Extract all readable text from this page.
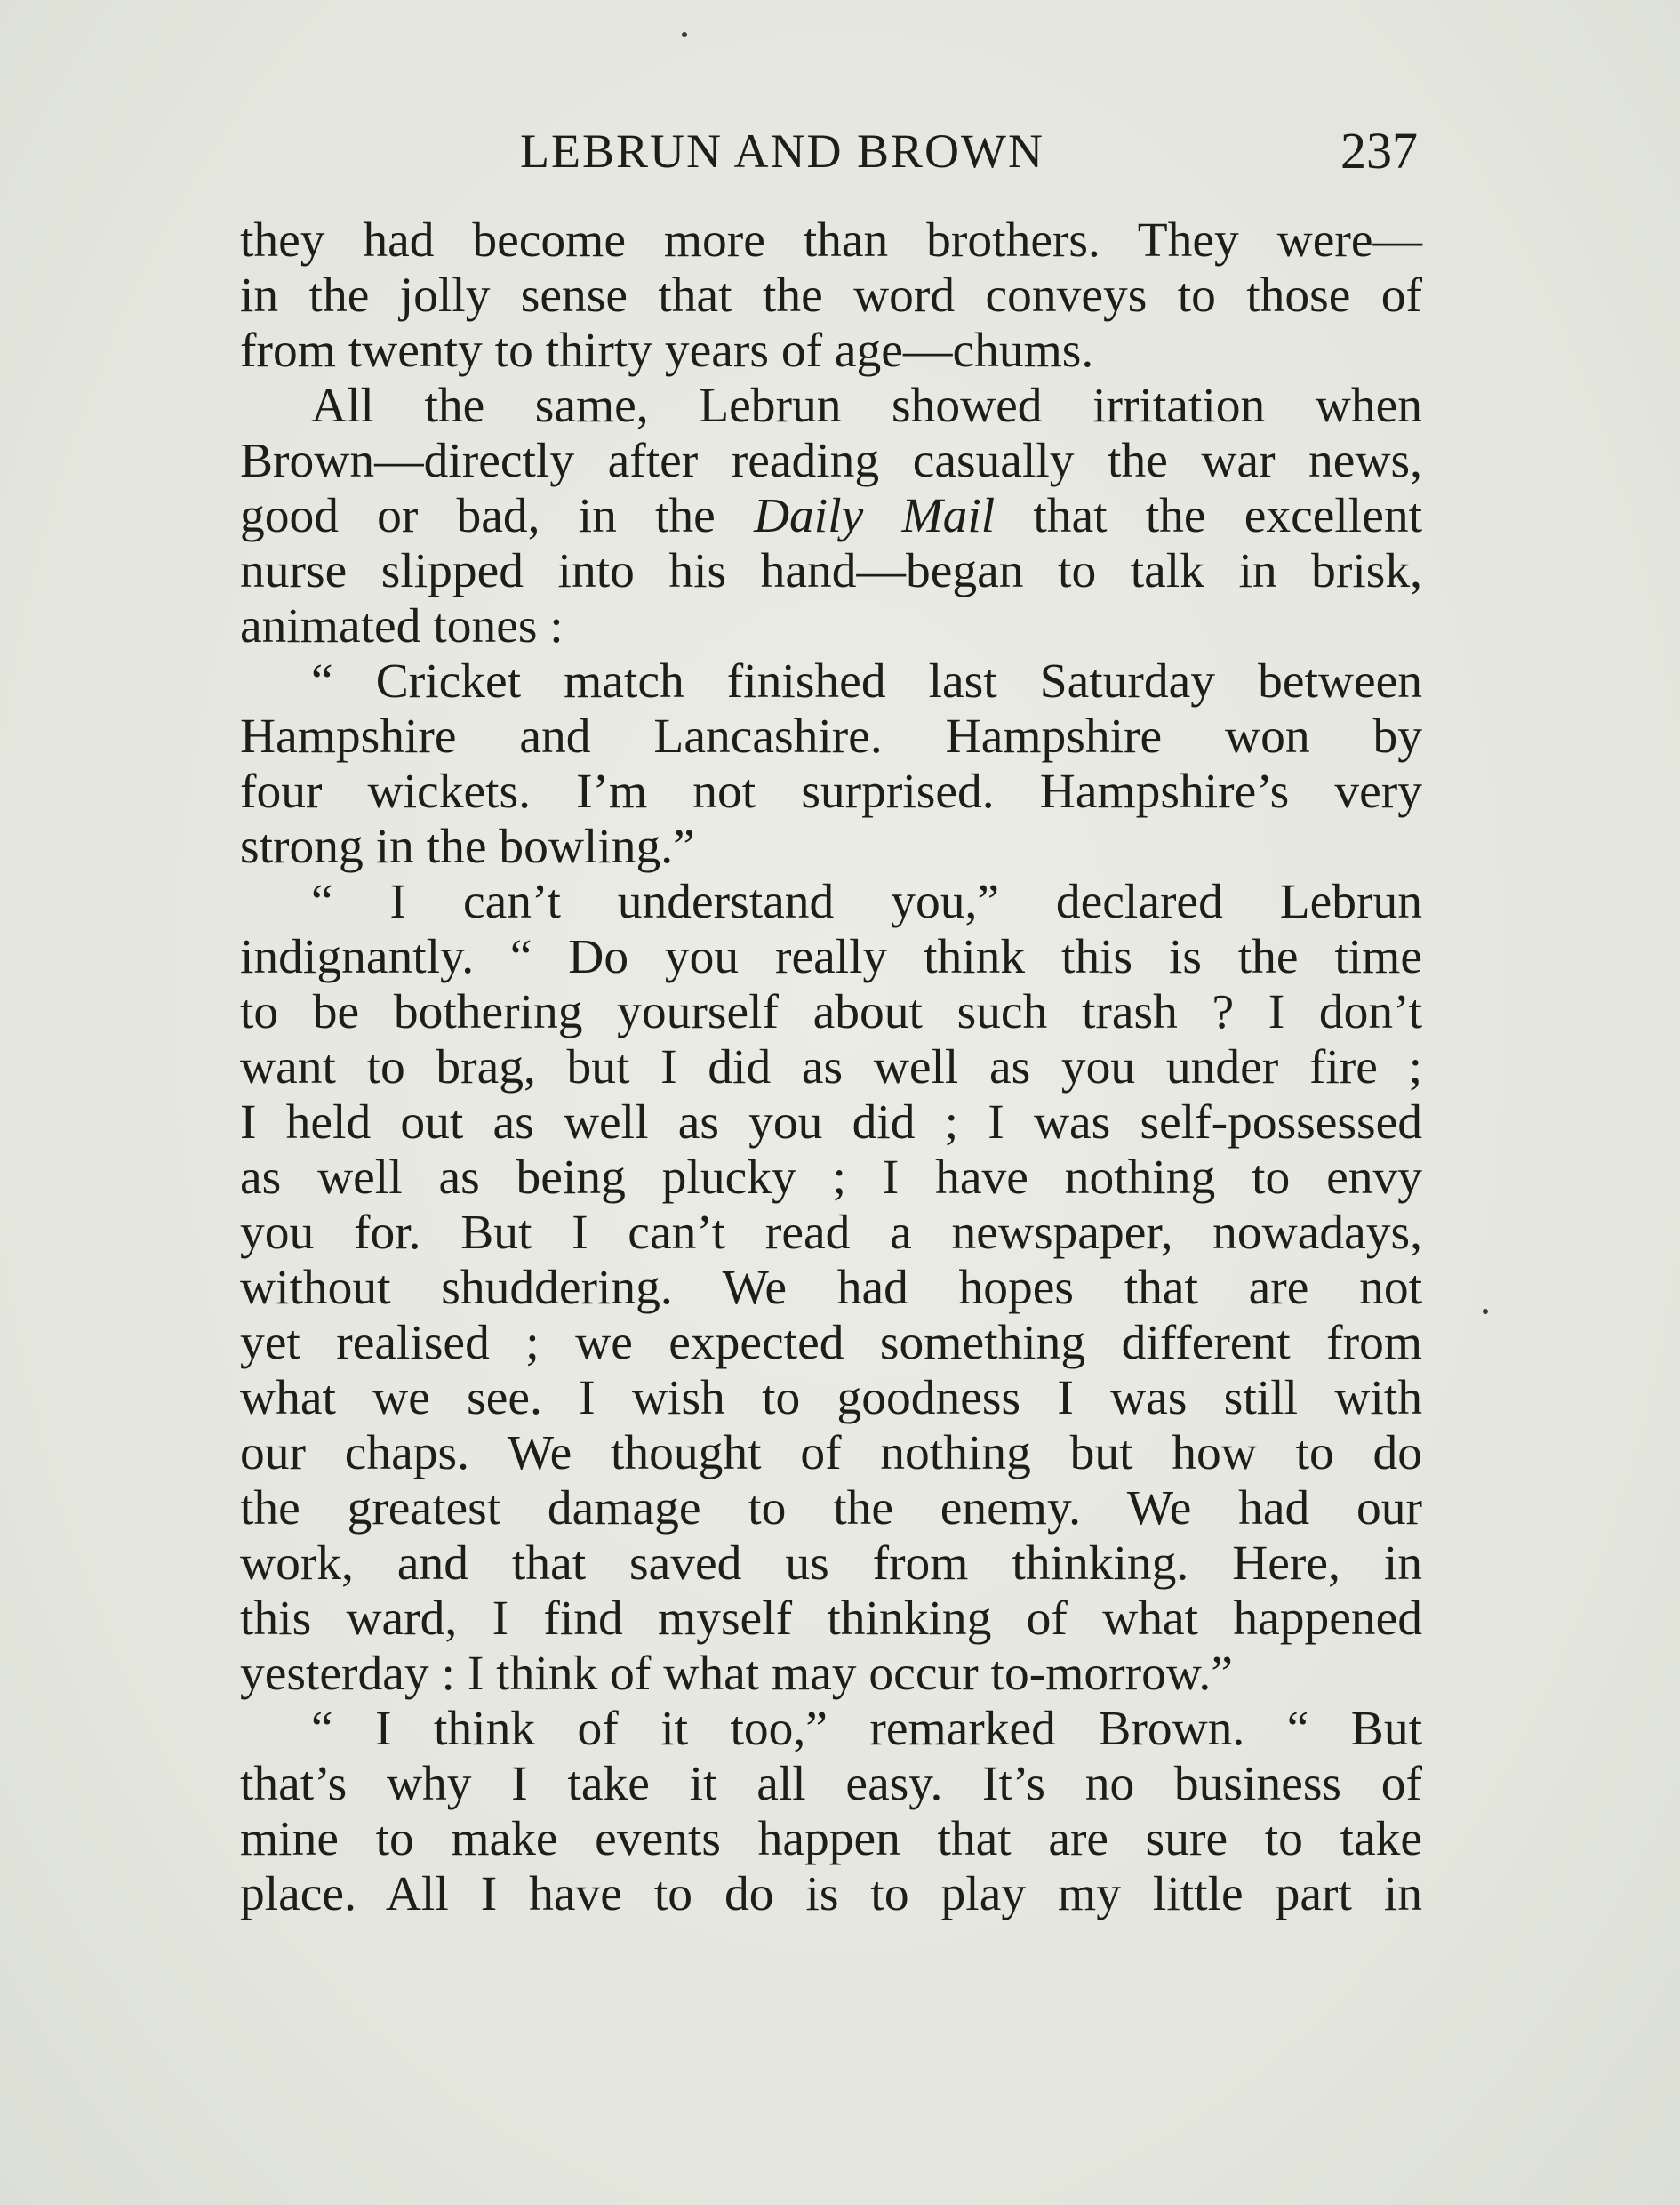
LEBRUN AND BROWN	237
they had become more than brothers. They were—
in the jolly sense that the word conveys to those of
from twenty to thirty years of age—chums.
All the same, Lebrun showed irritation when
Brown—directly after reading casually the war news,
good or bad, in the Daily Mail that the excellent
nurse slipped into his hand—began to talk in brisk,
animated tones :
“ Cricket match finished last Saturday between
Hampshire and Lancashire. Hampshire won by
four wickets. I’m not surprised. Hampshire’s very
strong in the bowling.”
“ I can’t understand you,” declared Lebrun
indignantly. “ Do you really think this is the time
to be bothering yourself about such trash ? I don’t
want to brag, but I did as well as you under fire ;
I held out as well as you did ; I was self-possessed
as well as being plucky ; I have nothing to envy
you for. But I can’t read a newspaper, nowadays,
without shuddering. We had hopes that are not
yet realised ; we expected something different from
what we see. I wish to goodness I was still with
our chaps. We thought of nothing but how to do
the greatest damage to the enemy. We had our
work, and that saved us from thinking. Here, in
this ward, I find myself thinking of what happened
yesterday : I think of what may occur to-morrow.”
“ I think of it too,” remarked Brown. “ But
that’s why I take it all easy. It’s no business of
mine to make events happen that are sure to take
place. All I have to do is to play my little part in
